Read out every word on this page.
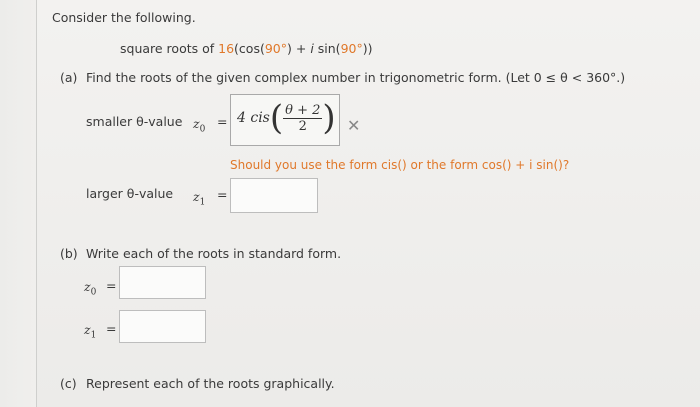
Consider the following.
square roots of 16(cos(90°) + i sin(90°))
(a) Find the roots of the given complex number in trigonometric form. (Let 0 ≤ θ < 360°.)
smaller θ-value $z_0$
= 4 $cis( \frac{\theta + 2}{2}$ ) ✕
Should you use the form cis() or the form cos() + i sin()?
larger θ-value $z_1$
=
(b) Write each of the roots in standard form.
$z_0$ =
$z_1$ =
(c) Represent each of the roots graphically.
